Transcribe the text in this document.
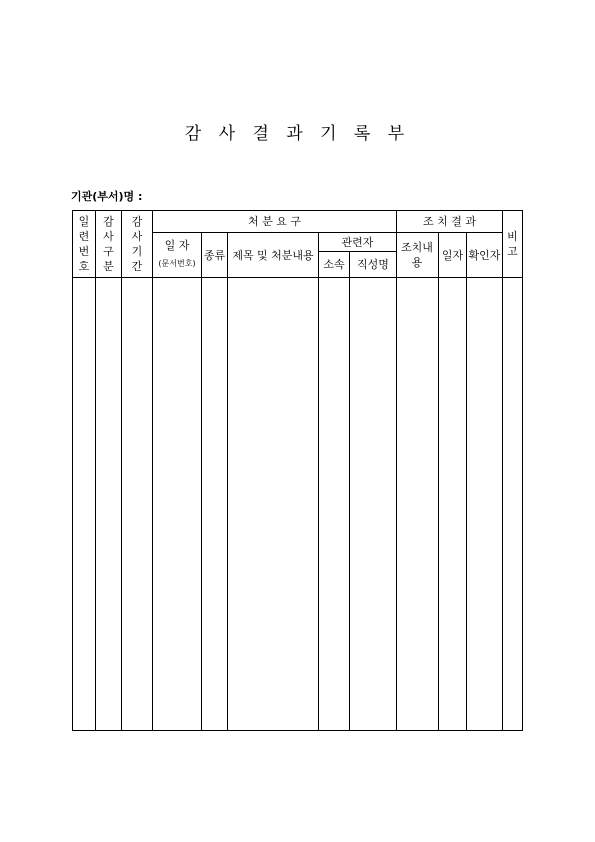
감 사 결 과 기 록 부
기관(부서)명 :
일
련
번
호
감
사
구
분
감
사
기
간
처 분 요 구
일 자
(문서번호)
종류 제목 및 처분내용
관련자
소속	직성명
조 치 결 과
조치내용
일자 확인자
비
고
